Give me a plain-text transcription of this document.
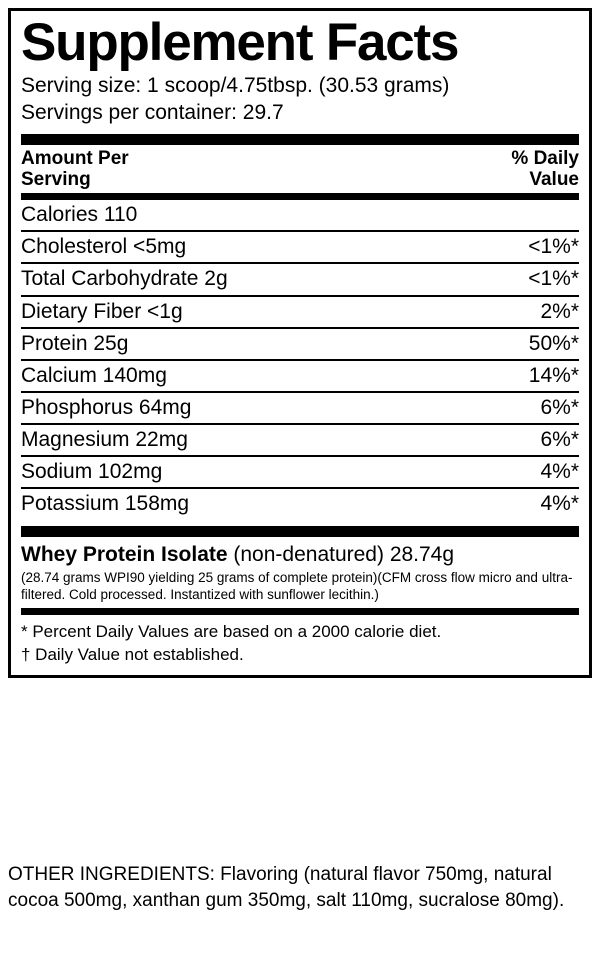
Supplement Facts
Serving size: 1 scoop/4.75tbsp. (30.53 grams)
Servings per container: 29.7
Amount Per
Serving
% Daily
Value
Calories 110	
Cholesterol <5mg	<1%*
Total Carbohydrate 2g	<1%*
Dietary Fiber <1g	2%*
Protein 25g	50%*
Calcium 140mg	14%*
Phosphorus 64mg	6%*
Magnesium 22mg	6%*
Sodium 102mg	4%*
Potassium 158mg	4%*
Whey Protein Isolate (non-denatured) 28.74g
(28.74 grams WPI90 yielding 25 grams of complete protein)(CFM cross flow micro and ultra-filtered. Cold processed. Instantized with sunflower lecithin.)
* Percent Daily Values are based on a 2000 calorie diet.
† Daily Value not established.
OTHER INGREDIENTS: Flavoring (natural flavor 750mg, natural cocoa 500mg, xanthan gum 350mg, salt 110mg, sucralose 80mg).
